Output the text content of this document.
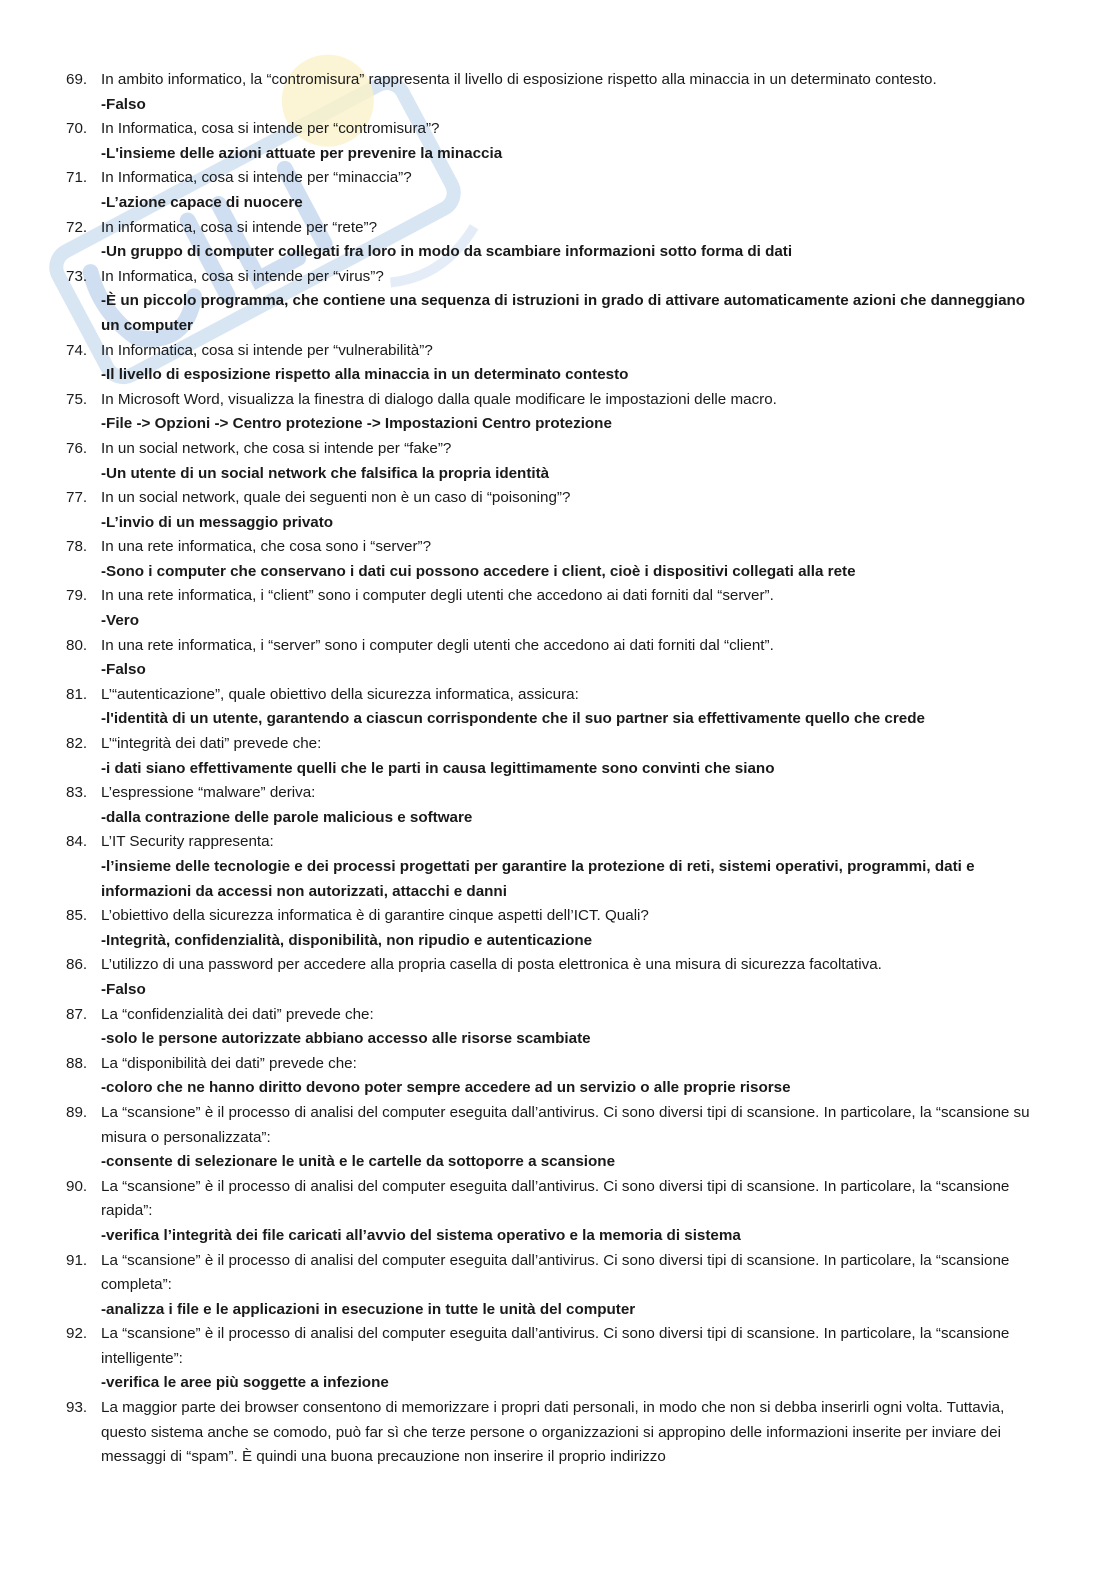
69. In ambito informatico, la “contromisura” rappresenta il livello di esposizione rispetto alla minaccia in un determinato contesto.
-Falso
70. In Informatica, cosa si intende per “contromisura”?
-L'insieme delle azioni attuate per prevenire la minaccia
71. In Informatica, cosa si intende per “minaccia”?
-L’azione capace di nuocere
72. In informatica, cosa si intende per “rete”?
-Un gruppo di computer collegati fra loro in modo da scambiare informazioni sotto forma di dati
73. In Informatica, cosa si intende per “virus”?
-È un piccolo programma, che contiene una sequenza di istruzioni in grado di attivare automaticamente azioni che danneggiano un computer
74. In Informatica, cosa si intende per “vulnerabilità”?
-Il livello di esposizione rispetto alla minaccia in un determinato contesto
75. In Microsoft Word, visualizza la finestra di dialogo dalla quale modificare le impostazioni delle macro.
-File -> Opzioni -> Centro protezione -> Impostazioni Centro protezione
76. In un social network, che cosa si intende per “fake”?
-Un utente di un social network che falsifica la propria identità
77. In un social network, quale dei seguenti non è un caso di “poisoning”?
-L’invio di un messaggio privato
78. In una rete informatica, che cosa sono i “server”?
-Sono i computer che conservano i dati cui possono accedere i client, cioè i dispositivi collegati alla rete
79. In una rete informatica, i “client” sono i computer degli utenti che accedono ai dati forniti dal “server”.
-Vero
80. In una rete informatica, i “server” sono i computer degli utenti che accedono ai dati forniti dal “client”.
-Falso
81. L’“autenticazione”, quale obiettivo della sicurezza informatica, assicura:
-l'identità di un utente, garantendo a ciascun corrispondente che il suo partner sia effettivamente quello che crede
82. L’“integrità dei dati” prevede che:
-i dati siano effettivamente quelli che le parti in causa legittimamente sono convinti che siano
83. L’espressione “malware” deriva:
-dalla contrazione delle parole malicious e software
84. L’IT Security rappresenta:
-l’insieme delle tecnologie e dei processi progettati per garantire la protezione di reti, sistemi operativi, programmi, dati e informazioni da accessi non autorizzati, attacchi e danni
85. L’obiettivo della sicurezza informatica è di garantire cinque aspetti dell’ICT. Quali?
-Integrità, confidenzialità, disponibilità, non ripudio e autenticazione
86. L’utilizzo di una password per accedere alla propria casella di posta elettronica è una misura di sicurezza facoltativa.
-Falso
87. La “confidenzialità dei dati” prevede che:
-solo le persone autorizzate abbiano accesso alle risorse scambiate
88. La “disponibilità dei dati” prevede che:
-coloro che ne hanno diritto devono poter sempre accedere ad un servizio o alle proprie risorse
89. La “scansione” è il processo di analisi del computer eseguita dall’antivirus. Ci sono diversi tipi di scansione. In particolare, la “scansione su misura o personalizzata”:
-consente di selezionare le unità e le cartelle da sottoporre a scansione
90. La “scansione” è il processo di analisi del computer eseguita dall’antivirus. Ci sono diversi tipi di scansione. In particolare, la “scansione rapida”:
-verifica l’integrità dei file caricati all’avvio del sistema operativo e la memoria di sistema
91. La “scansione” è il processo di analisi del computer eseguita dall’antivirus. Ci sono diversi tipi di scansione. In particolare, la “scansione completa”:
-analizza i file e le applicazioni in esecuzione in tutte le unità del computer
92. La “scansione” è il processo di analisi del computer eseguita dall’antivirus. Ci sono diversi tipi di scansione. In particolare, la “scansione intelligente”:
-verifica le aree più soggette a infezione
93. La maggior parte dei browser consentono di memorizzare i propri dati personali, in modo che non si debba inserirli ogni volta. Tuttavia, questo sistema anche se comodo, può far sì che terze persone o organizzazioni si appropino delle informazioni inserite per inviare dei messaggi di “spam”. È quindi una buona precauzione non inserire il proprio indirizzo
